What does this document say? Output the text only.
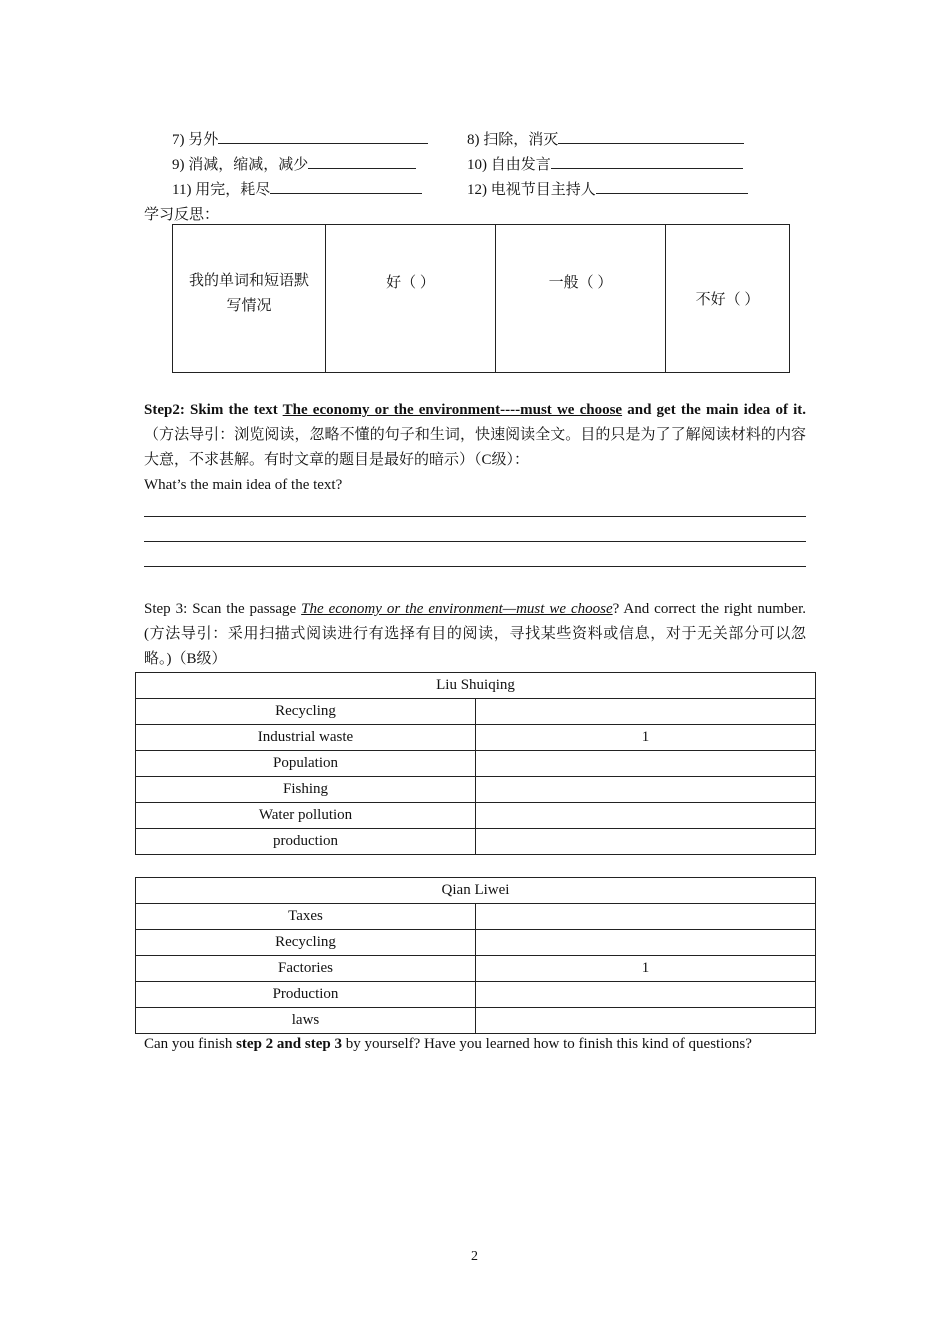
7) 另外	8) 扫除，消灭
9) 消减，缩减，减少	10) 自由发言
11) 用完，耗尽	12) 电视节目主持人
学习反思：
我的单词和短语默写情况	好（ ）	一般（ ）	不好（ ）
Step2: Skim the text The economy or the environment----must we choose and get the main idea of it.（方法导引：浏览阅读，忽略不懂的句子和生词，快速阅读全文。目的只是为了了解阅读材料的内容大意，不求甚解。有时文章的题目是最好的暗示）（C级）：
What’s the main idea of the text?
Step 3: Scan the passage The economy or the environment—must we choose? And correct the right number.(方法导引：采用扫描式阅读进行有选择有目的阅读，寻找某些资料或信息，对于无关部分可以忽略。)（B级）
Liu Shuiqing	
Recycling	
Industrial waste	1
Population	
Fishing	
Water pollution	
production	
Qian Liwei	
Taxes	
Recycling	
Factories	1
Production	
laws	
Can you finish step 2 and step 3 by yourself? Have you learned how to finish this kind of questions?
2
